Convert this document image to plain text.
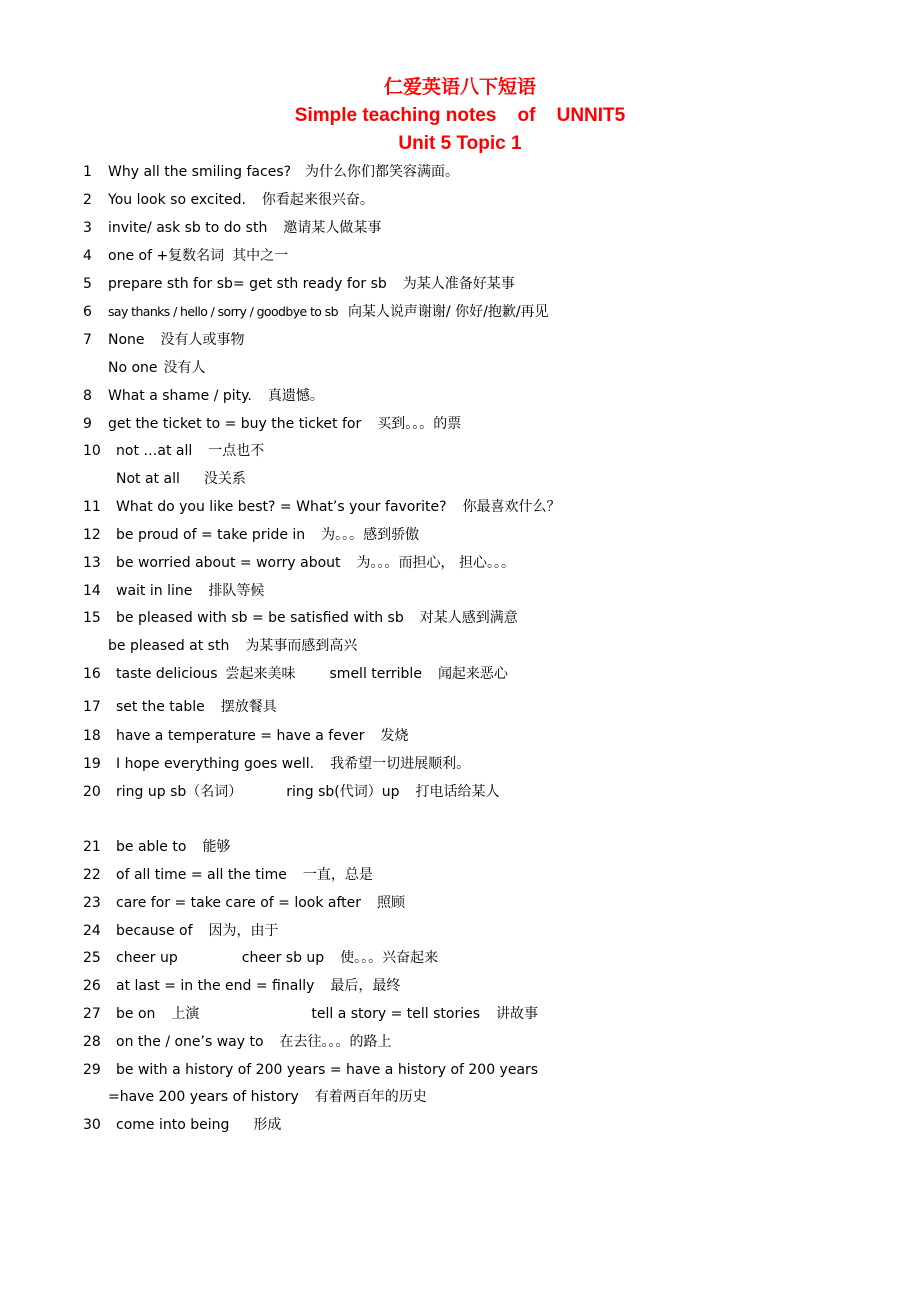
仁爱英语八下短语
Simple teaching notes    of    UNNIT5
Unit 5 Topic 1
1 Why all the smiling faces? 为什么你们都笑容满面。
2 You look so excited. 你看起来很兴奋。
3 invite/ ask sb to do sth 邀请某人做某事
4 one of +复数名词 其中之一
5 prepare sth for sb= get sth ready for sb 为某人准备好某事
6 say thanks / hello / sorry / goodbye to sb 向某人说声谢谢/ 你好/抱歉/再见
7 None 没有人或事物
No one 没有人
8 What a shame / pity. 真遗憾。
9 get the ticket to = buy the ticket for 买到。。。的票
10 not …at all 一点也不
Not at all 没关系
11 What do you like best? = What’s your favorite? 你最喜欢什么？
12 be proud of = take pride in 为。。。感到骄傲
13 be worried about = worry about 为。。。而担心， 担心。。。
14 wait in line 排队等候
15 be pleased with sb = be satisfied with sb 对某人感到满意
be pleased at sth 为某事而感到高兴
16 taste delicious 尝起来美味 smell terrible 闻起来恶心
17 set the table 摆放餐具
18 have a temperature = have a fever 发烧
19 I hope everything goes well. 我希望一切进展顺利。
20 ring up sb（名词）	ring sb(代词）up 打电话给某人
21 be able to 能够
22 of all time = all the time 一直，总是
23 care for = take care of = look after 照顾
24 because of 因为，由于
25 cheer up	cheer sb up 使。。。兴奋起来
26 at last = in the end = finally 最后，最终
27 be on 上演	tell a story = tell stories 讲故事
28 on the / one’s way to 在去往。。。的路上
29 be with a history of 200 years = have a history of 200 years
=have 200 years of history 有着两百年的历史
30 come into being 形成
